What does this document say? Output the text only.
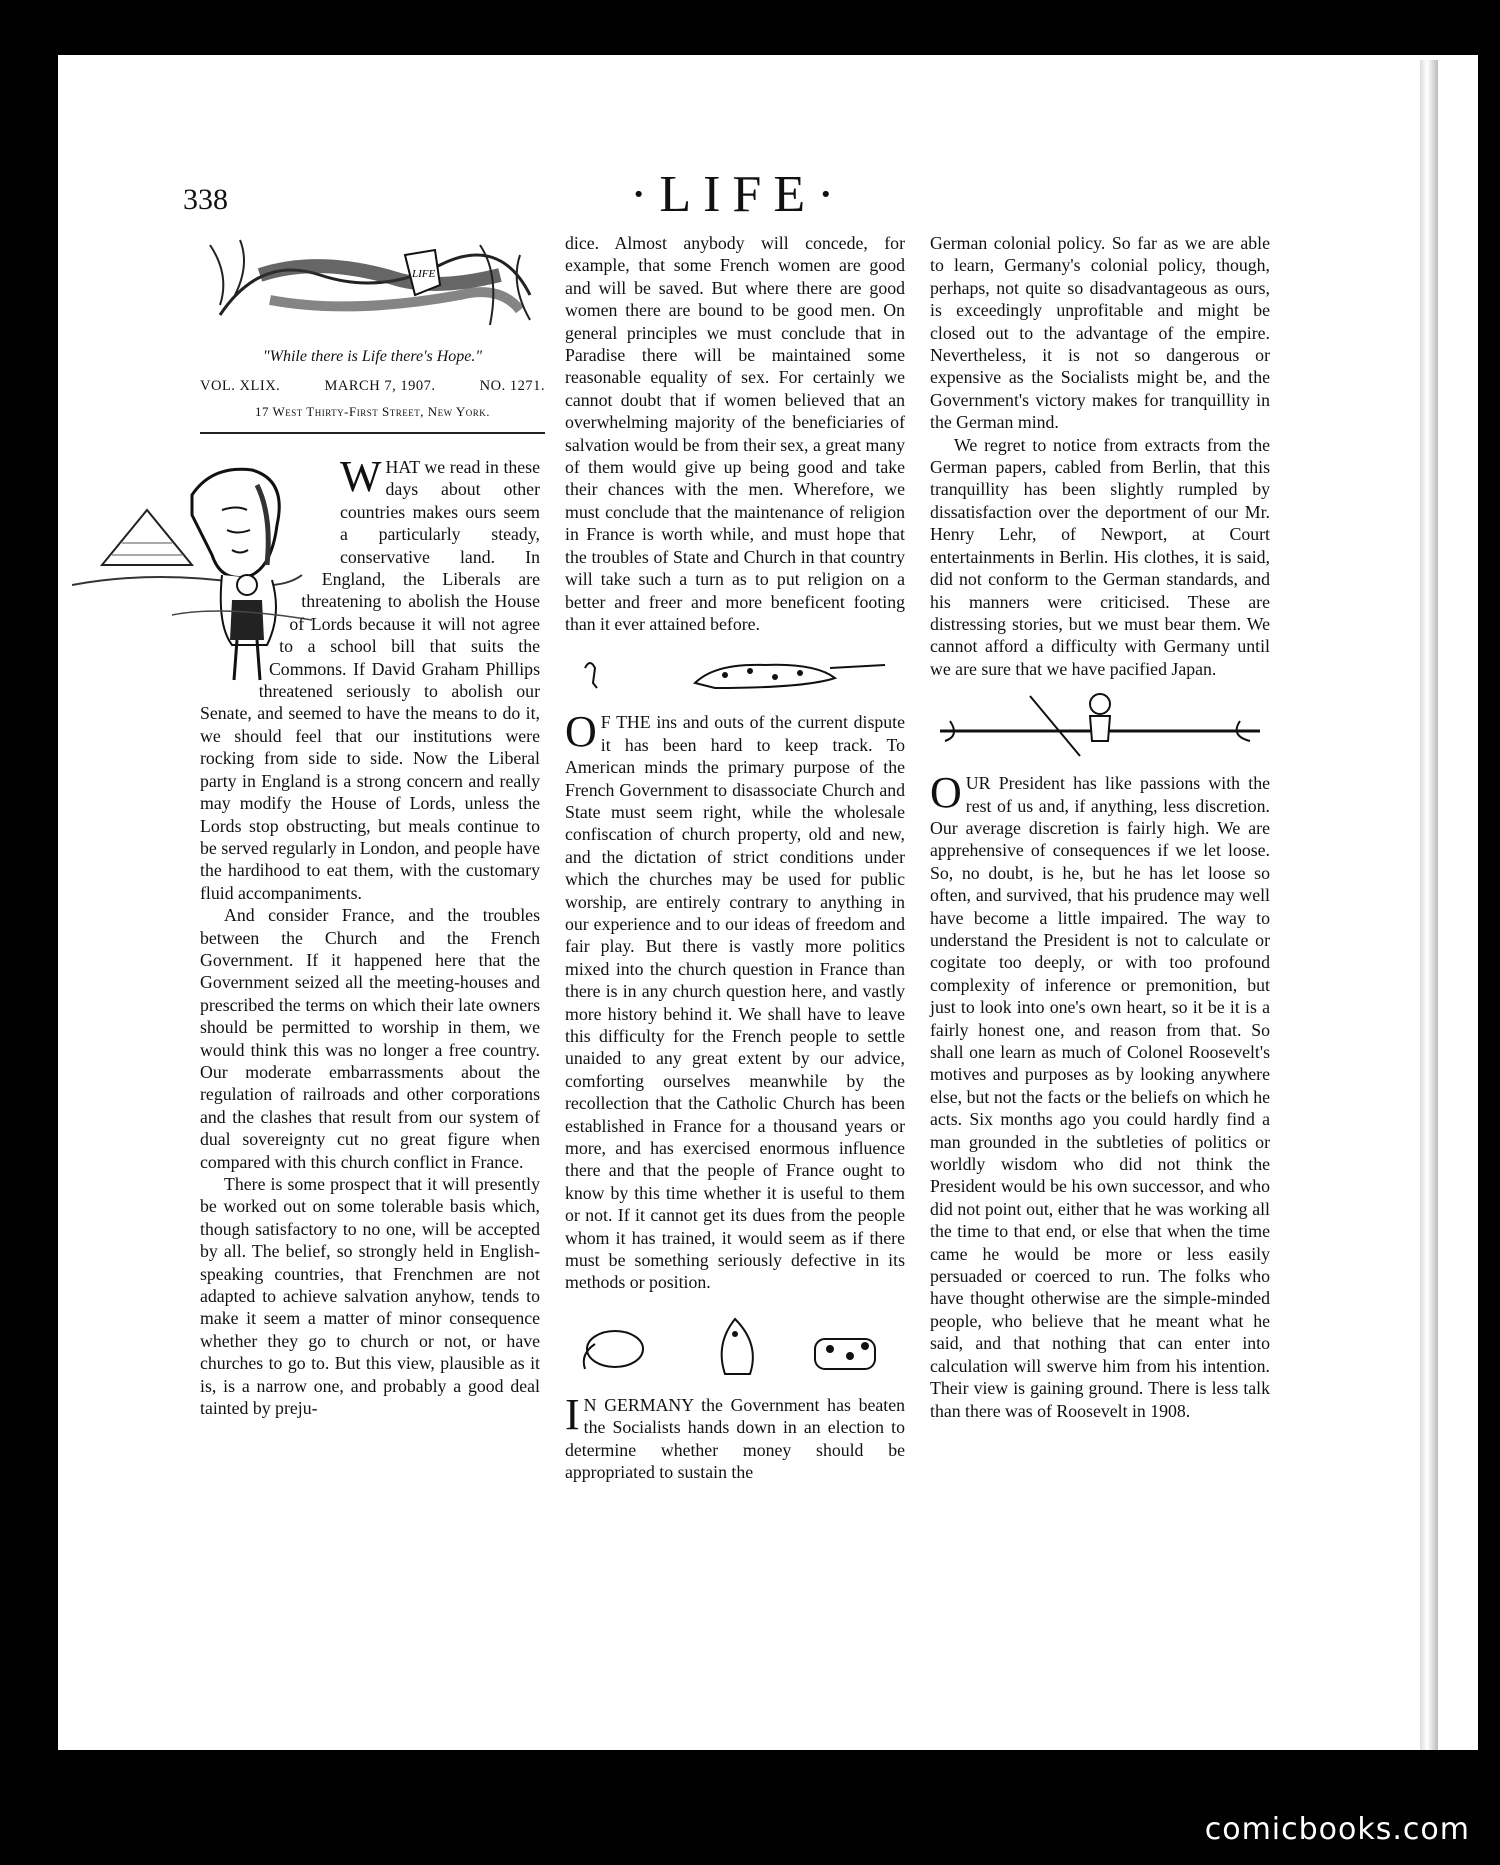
338	·LIFE·
LIFE
"While there is Life there's Hope."
VOL. XLIX.	MARCH 7, 1907.	NO. 1271.
17 West Thirty-First Street, New York.

WHAT we read in these days about other countries makes ours seem a particularly steady, conservative land. In England, the Liberals are threatening to abolish the House of Lords because it will not agree to a school bill that suits the Commons. If David Graham Phillips threatened seriously to abolish our Senate, and seemed to have the means to do it, we should feel that our institutions were rocking from side to side. Now the Liberal party in England is a strong concern and really may modify the House of Lords, unless the Lords stop obstructing, but meals continue to be served regularly in London, and people have the hardihood to eat them, with the customary fluid accompaniments.

And consider France, and the troubles between the Church and the French Government. If it happened here that the Government seized all the meeting-houses and prescribed the terms on which their late owners should be permitted to worship in them, we would think this was no longer a free country. Our moderate embarrassments about the regulation of railroads and other corporations and the clashes that result from our system of dual sovereignty cut no great figure when compared with this church conflict in France.

There is some prospect that it will presently be worked out on some tolerable basis which, though satisfactory to no one, will be accepted by all. The belief, so strongly held in English-speaking countries, that Frenchmen are not adapted to achieve salvation anyhow, tends to make it seem a matter of minor consequence whether they go to church or not, or have churches to go to. But this view, plausible as it is, is a narrow one, and probably a good deal tainted by preju-

dice. Almost anybody will concede, for example, that some French women are good and will be saved. But where there are good women there are bound to be good men. On general principles we must conclude that in Paradise there will be maintained some reasonable equality of sex. For certainly we cannot doubt that if women believed that an overwhelming majority of the beneficiaries of salvation would be from their sex, a great many of them would give up being good and take their chances with the men. Wherefore, we must conclude that the maintenance of religion in France is worth while, and must hope that the troubles of State and Church in that country will take such a turn as to put religion on a better and freer and more beneficent footing than it ever attained before.

O F THE ins and outs of the current dispute it has been hard to keep track. To American minds the primary purpose of the French Government to disassociate Church and State must seem right, while the wholesale confiscation of church property, old and new, and the dictation of strict conditions under which the churches may be used for public worship, are entirely contrary to anything in our experience and to our ideas of freedom and fair play. But there is vastly more politics mixed into the church question in France than there is in any church question here, and vastly more history behind it. We shall have to leave this difficulty for the French people to settle unaided to any great extent by our advice, comforting ourselves meanwhile by the recollection that the Catholic Church has been established in France for a thousand years or more, and has exercised enormous influence there and that the people of France ought to know by this time whether it is useful to them or not. If it cannot get its dues from the people whom it has trained, it would seem as if there must be something seriously defective in its methods or position.

I N GERMANY the Government has beaten the Socialists hands down in an election to determine whether money should be appropriated to sustain the

German colonial policy. So far as we are able to learn, Germany's colonial policy, though, perhaps, not quite so disadvantageous as ours, is exceedingly unprofitable and might be closed out to the advantage of the empire. Nevertheless, it is not so dangerous or expensive as the Socialists might be, and the Government's victory makes for tranquillity in the German mind.

We regret to notice from extracts from the German papers, cabled from Berlin, that this tranquillity has been slightly rumpled by dissatisfaction over the deportment of our Mr. Henry Lehr, of Newport, at Court entertainments in Berlin. His clothes, it is said, did not conform to the German standards, and his manners were criticised. These are distressing stories, but we must bear them. We cannot afford a difficulty with Germany until we are sure that we have pacified Japan.

OUR President has like passions with the rest of us and, if anything, less discretion. Our average discretion is fairly high. We are apprehensive of consequences if we let loose. So, no doubt, is he, but he has let loose so often, and survived, that his prudence may well have become a little impaired. The way to understand the President is not to calculate or cogitate too deeply, or with too profound complexity of inference or premonition, but just to look into one's own heart, so it be it is a fairly honest one, and reason from that. So shall one learn as much of Colonel Roosevelt's motives and purposes as by looking anywhere else, but not the facts or the beliefs on which he acts. Six months ago you could hardly find a man grounded in the subtleties of politics or worldly wisdom who did not think the President would be his own successor, and who did not point out, either that he was working all the time to that end, or else that when the time came he would be more or less easily persuaded or coerced to run. The folks who have thought otherwise are the simple-minded people, who believe that he meant what he said, and that nothing that can enter into calculation will swerve him from his intention. Their view is gaining ground. There is less talk than there was of Roosevelt in 1908.

comicbooks.com
